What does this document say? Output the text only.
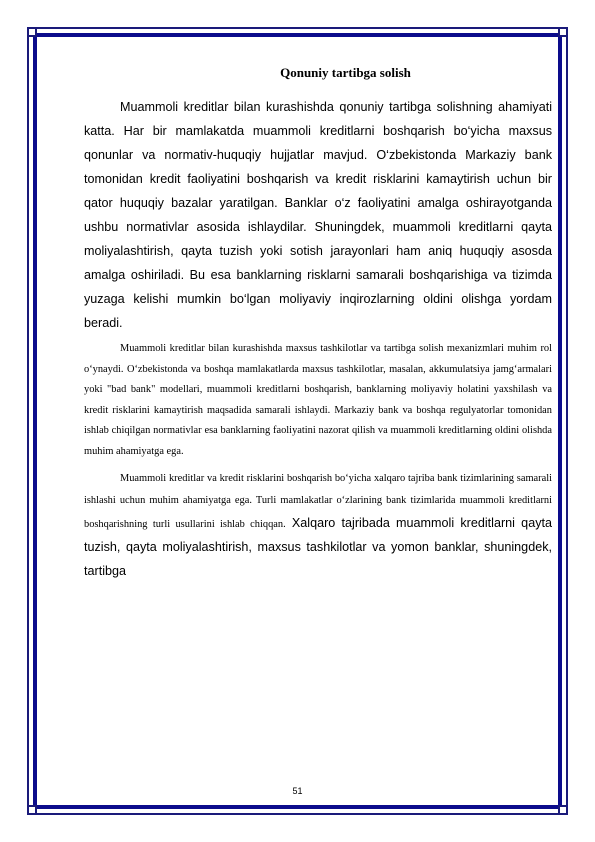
Qonuniy tartibga solish

Muammoli kreditlar bilan kurashishda qonuniy tartibga solishning ahamiyati katta. Har bir mamlakatda muammoli kreditlarni boshqarish bo‘yicha maxsus qonunlar va normativ-huquqiy hujjatlar mavjud. O‘zbekistonda Markaziy bank tomonidan kredit faoliyatini boshqarish va kredit risklarini kamaytirish uchun bir qator huquqiy bazalar yaratilgan. Banklar o‘z faoliyatini amalga oshirayotganda ushbu normativlar asosida ishlaydilar. Shuningdek, muammoli kreditlarni qayta moliyalashtirish, qayta tuzish yoki sotish jarayonlari ham aniq huquqiy asosda amalga oshiriladi. Bu esa banklarning risklarni samarali boshqarishiga va tizimda yuzaga kelishi mumkin bo‘lgan moliyaviy inqirozlarning oldini olishga yordam beradi.

Muammoli kreditlar bilan kurashishda maxsus tashkilotlar va tartibga solish mexanizmlari muhim rol o‘ynaydi. O‘zbekistonda va boshqa mamlakatlarda maxsus tashkilotlar, masalan, akkumulatsiya jamg‘armalari yoki "bad bank" modellari, muammoli kreditlarni boshqarish, banklarning moliyaviy holatini yaxshilash va kredit risklarini kamaytirish maqsadida samarali ishlaydi. Markaziy bank va boshqa regulyatorlar tomonidan ishlab chiqilgan normativlar esa banklarning faoliyatini nazorat qilish va muammoli kreditlarning oldini olishda muhim ahamiyatga ega.

Muammoli kreditlar va kredit risklarini boshqarish bo‘yicha xalqaro tajriba bank tizimlarining samarali ishlashi uchun muhim ahamiyatga ega. Turli mamlakatlar o‘zlarining bank tizimlarida muammoli kreditlarni boshqarishning turli usullarini ishlab chiqqan. Xalqaro tajribada muammoli kreditlarni qayta tuzish, qayta moliyalashtirish, maxsus tashkilotlar va yomon banklar, shuningdek, tartibga

51
